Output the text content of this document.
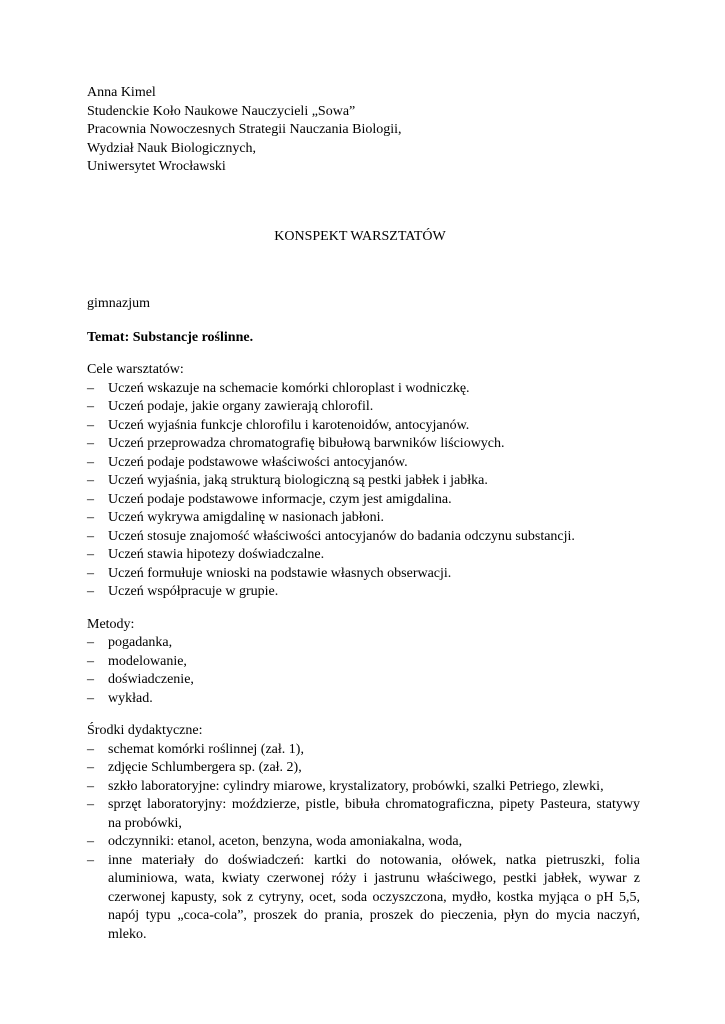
Anna Kimel
Studenckie Koło Naukowe Nauczycieli „Sowa”
Pracownia Nowoczesnych Strategii Nauczania Biologii,
Wydział Nauk Biologicznych,
Uniwersytet Wrocławski
KONSPEKT WARSZTATÓW
gimnazjum
Temat: Substancje roślinne.
Cele warsztatów:
– Uczeń wskazuje na schemacie komórki chloroplast i wodniczkę.
– Uczeń podaje, jakie organy zawierają chlorofil.
– Uczeń wyjaśnia funkcje chlorofilu i karotenoidów, antocyjanów.
– Uczeń przeprowadza chromatografię bibułową barwników liściowych.
– Uczeń podaje podstawowe właściwości antocyjanów.
– Uczeń wyjaśnia, jaką strukturą biologiczną są pestki jabłek i jabłka.
– Uczeń podaje podstawowe informacje, czym jest amigdalina.
– Uczeń wykrywa amigdalinę w nasionach jabłoni.
– Uczeń stosuje znajomość właściwości antocyjanów do badania odczynu substancji.
– Uczeń stawia hipotezy doświadczalne.
– Uczeń formułuje wnioski na podstawie własnych obserwacji.
– Uczeń współpracuje w grupie.
Metody:
– pogadanka,
– modelowanie,
– doświadczenie,
– wykład.
Środki dydaktyczne:
– schemat komórki roślinnej (zał. 1),
– zdjęcie Schlumbergera sp. (zał. 2),
– szkło laboratoryjne: cylindry miarowe, krystalizatory, probówki, szalki Petriego, zlewki,
– sprzęt laboratoryjny: moździerze, pistle, bibuła chromatograficzna, pipety Pasteura, statywy na probówki,
– odczynniki: etanol, aceton, benzyna, woda amoniakalna, woda,
– inne materiały do doświadczeń: kartki do notowania, ołówek, natka pietruszki, folia aluminiowa, wata, kwiaty czerwonej róży i jastrunu właściwego, pestki jabłek, wywar z czerwonej kapusty, sok z cytryny, ocet, soda oczyszczona, mydło, kostka myjąca o pH 5,5, napój typu „coca-cola”, proszek do prania, proszek do pieczenia, płyn do mycia naczyń, mleko.
